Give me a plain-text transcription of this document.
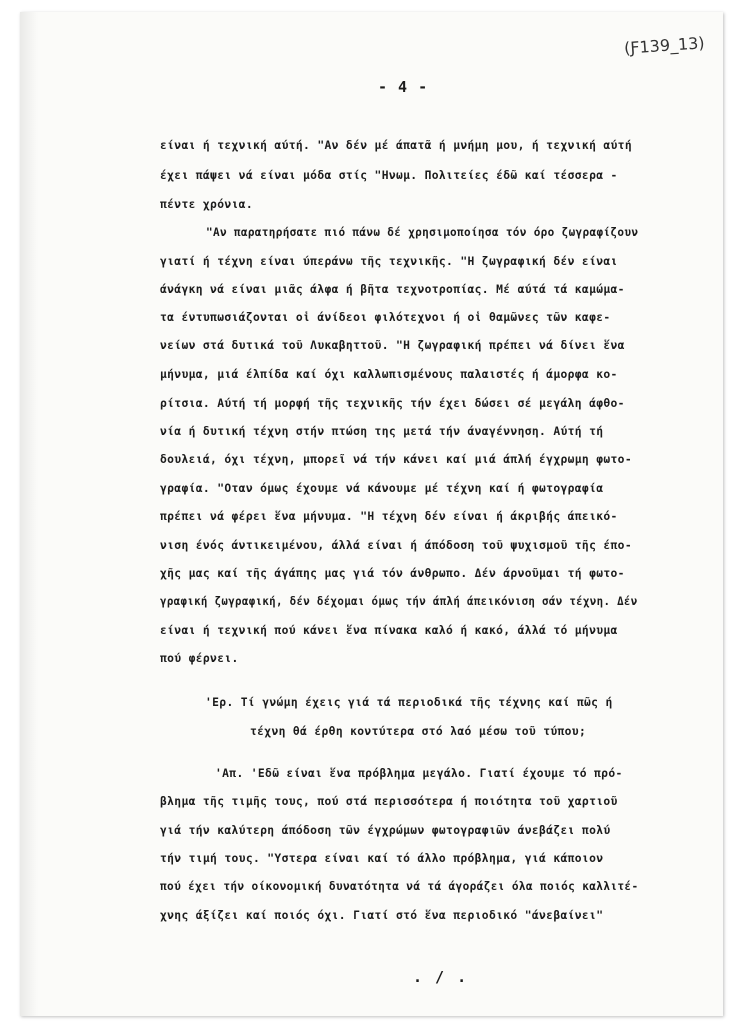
(Ƒ139_13)
- 4 -
είναι ή τεχνική αύτή. "Αν δέν μέ άπατᾶ ή μνήμη μου, ή τεχνική αύτή
έχει πάψει νά είναι μόδα στίς "Ηνωμ. Πολιτείες έδῶ καί τέσσερα -
πέντε χρόνια.
"Αν παρατηρήσατε πιό πάνω δέ χρησιμοποίησα τόν όρο ζωγραφίζουν
γιατί ή τέχνη είναι ύπεράνω τῆς τεχνικῆς. "Η ζωγραφική δέν είναι
άνάγκη νά είναι μιᾶς άλφα ή βῆτα τεχνοτροπίας. Μέ αύτά τά καμώμα-
τα έντυπωσιάζονται οἱ άνίδεοι φιλότεχνοι ή οἱ θαμῶνες τῶν καφε-
νείων στά δυτικά τοῦ Λυκαβηττοῦ. "Η ζωγραφική πρέπει νά δίνει ἕνα
μήνυμα, μιά έλπίδα καί όχι καλλωπισμένους παλαιστές ή άμορφα κο-
ρίτσια. Αύτή τή μορφή τῆς τεχνικῆς τήν έχει δώσει σέ μεγάλη άφθο-
νία ή δυτική τέχνη στήν πτώση της μετά τήν άναγέννηση. Αύτή τή
δουλειά, όχι τέχνη, μπορεῖ νά τήν κάνει καί μιά άπλή έγχρωμη φωτο-
γραφία. "Οταν όμως έχουμε νά κάνουμε μέ τέχνη καί ή φωτογραφία
πρέπει νά φέρει ἕνα μήνυμα. "Η τέχνη δέν είναι ή άκριβής άπεικό-
νιση ένός άντικειμένου, άλλά είναι ή άπόδοση τοῦ ψυχισμοῦ τῆς έπο-
χῆς μας καί τῆς άγάπης μας γιά τόν άνθρωπο. Δέν άρνοῦμαι τή φωτο-
γραφική ζωγραφική, δέν δέχομαι όμως τήν άπλή άπεικόνιση σάν τέχνη. Δέν
είναι ή τεχνική πού κάνει ἕνα πίνακα καλό ή κακό, άλλά τό μήνυμα
πού φέρνει.
'Ερ. Τί γνώμη έχεις γιά τά περιοδικά τῆς τέχνης καί πῶς ή
τέχνη θά έρθη κοντύτερα στό λαό μέσω τοῦ τύπου;
'Απ. 'Εδῶ είναι ἕνα πρόβλημα μεγάλο. Γιατί έχουμε τό πρό-
βλημα τῆς τιμῆς τους, πού στά περισσότερα ή ποιότητα τοῦ χαρτιοῦ
γιά τήν καλύτερη άπόδοση τῶν έγχρώμων φωτογραφιῶν άνεβάζει πολύ
τήν τιμή τους. "Υστερα είναι καί τό άλλο πρόβλημα, γιά κάποιον
πού έχει τήν οίκονομική δυνατότητα νά τά άγοράζει όλα ποιός καλλιτέ-
χνης άξίζει καί ποιός όχι. Γιατί στό ἕνα περιοδικό "άνεβαίνει"
. / .
